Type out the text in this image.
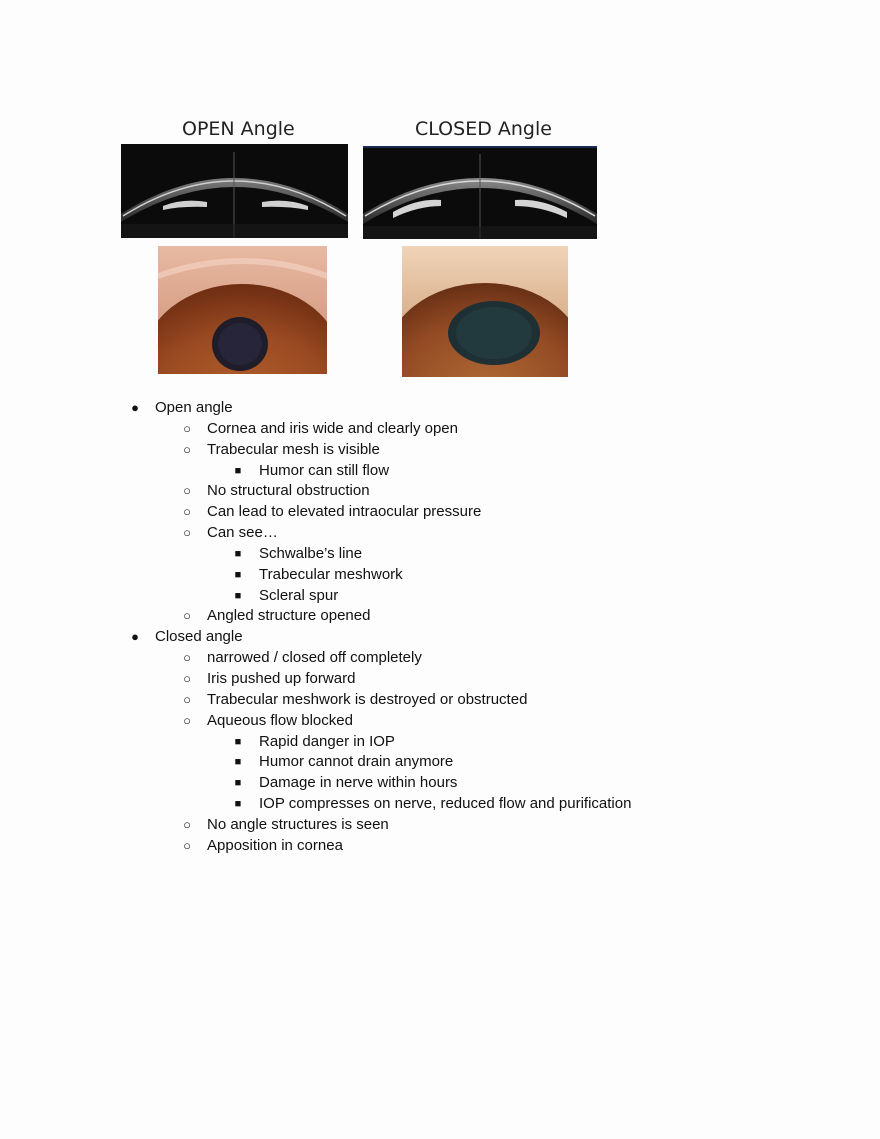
OPEN Angle	CLOSED Angle
● Open angle
○ Cornea and iris wide and clearly open
○ Trabecular mesh is visible
■ Humor can still flow
○ No structural obstruction
○ Can lead to elevated intraocular pressure
○ Can see…
■ Schwalbe’s line
■ Trabecular meshwork
■ Scleral spur
○ Angled structure opened
● Closed angle
○ narrowed / closed off completely
○ Iris pushed up forward
○ Trabecular meshwork is destroyed or obstructed
○ Aqueous flow blocked
■ Rapid danger in IOP
■ Humor cannot drain anymore
■ Damage in nerve within hours
■ IOP compresses on nerve, reduced flow and purification
○ No angle structures is seen
○ Apposition in cornea
